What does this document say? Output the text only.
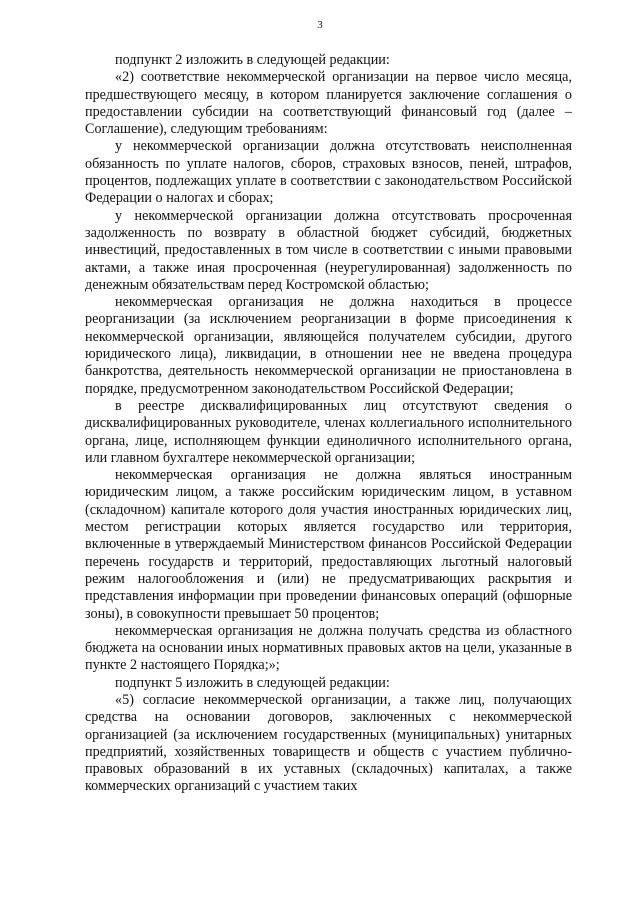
3

подпункт 2 изложить в следующей редакции:

«2) соответствие некоммерческой организации на первое число месяца, предшествующего месяцу, в котором планируется заключение соглашения о предоставлении субсидии на соответствующий финансовый год (далее – Соглашение), следующим требованиям:

у некоммерческой организации должна отсутствовать неисполненная обязанность по уплате налогов, сборов, страховых взносов, пеней, штрафов, процентов, подлежащих уплате в соответствии с законодательством Российской Федерации о налогах и сборах;

у некоммерческой организации должна отсутствовать просроченная задолженность по возврату в областной бюджет субсидий, бюджетных инвестиций, предоставленных в том числе в соответствии с иными правовыми актами, а также иная просроченная (неурегулированная) задолженность по денежным обязательствам перед Костромской областью;

некоммерческая организация не должна находиться в процессе реорганизации (за исключением реорганизации в форме присоединения к некоммерческой организации, являющейся получателем субсидии, другого юридического лица), ликвидации, в отношении нее не введена процедура банкротства, деятельность некоммерческой организации не приостановлена в порядке, предусмотренном законодательством Российской Федерации;

в реестре дисквалифицированных лиц отсутствуют сведения о дисквалифицированных руководителе, членах коллегиального исполнительного органа, лице, исполняющем функции единоличного исполнительного органа, или главном бухгалтере некоммерческой организации;

некоммерческая организация не должна являться иностранным юридическим лицом, а также российским юридическим лицом, в уставном (складочном) капитале которого доля участия иностранных юридических лиц, местом регистрации которых является государство или территория, включенные в утверждаемый Министерством финансов Российской Федерации перечень государств и территорий, предоставляющих льготный налоговый режим налогообложения и (или) не предусматривающих раскрытия и представления информации при проведении финансовых операций (офшорные зоны), в совокупности превышает 50 процентов;

некоммерческая организация не должна получать средства из областного бюджета на основании иных нормативных правовых актов на цели, указанные в пункте 2 настоящего Порядка;»;

подпункт 5 изложить в следующей редакции:

«5) согласие некоммерческой организации, а также лиц, получающих средства на основании договоров, заключенных с некоммерческой организацией (за исключением государственных (муниципальных) унитарных предприятий, хозяйственных товариществ и обществ с участием публично-правовых образований в их уставных (складочных) капиталах, а также коммерческих организаций с участием таких
